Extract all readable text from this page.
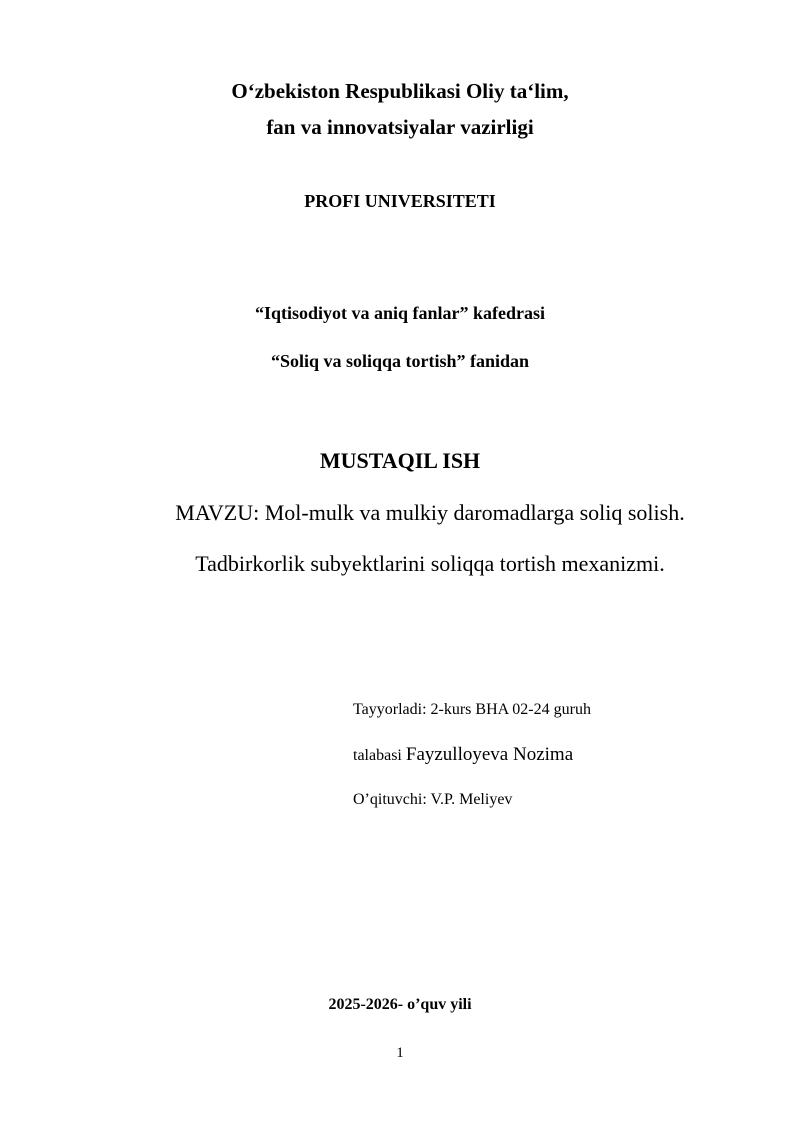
O‘zbekiston Respublikasi Oliy ta‘lim,
fan va innovatsiyalar vazirligi
PROFI UNIVERSITETI
“Iqtisodiyot va aniq fanlar” kafedrasi
“Soliq va soliqqa tortish” fanidan
MUSTAQIL ISH
MAVZU: Mol-mulk va mulkiy daromadlarga soliq solish.
Tadbirkorlik subyektlarini soliqqa tortish mexanizmi.
Tayyorladi: 2-kurs BHA 02-24 guruh
talabasi Fayzulloyeva Nozima
O’qituvchi: V.P. Meliyev
2025-2026- o’quv yili
1
